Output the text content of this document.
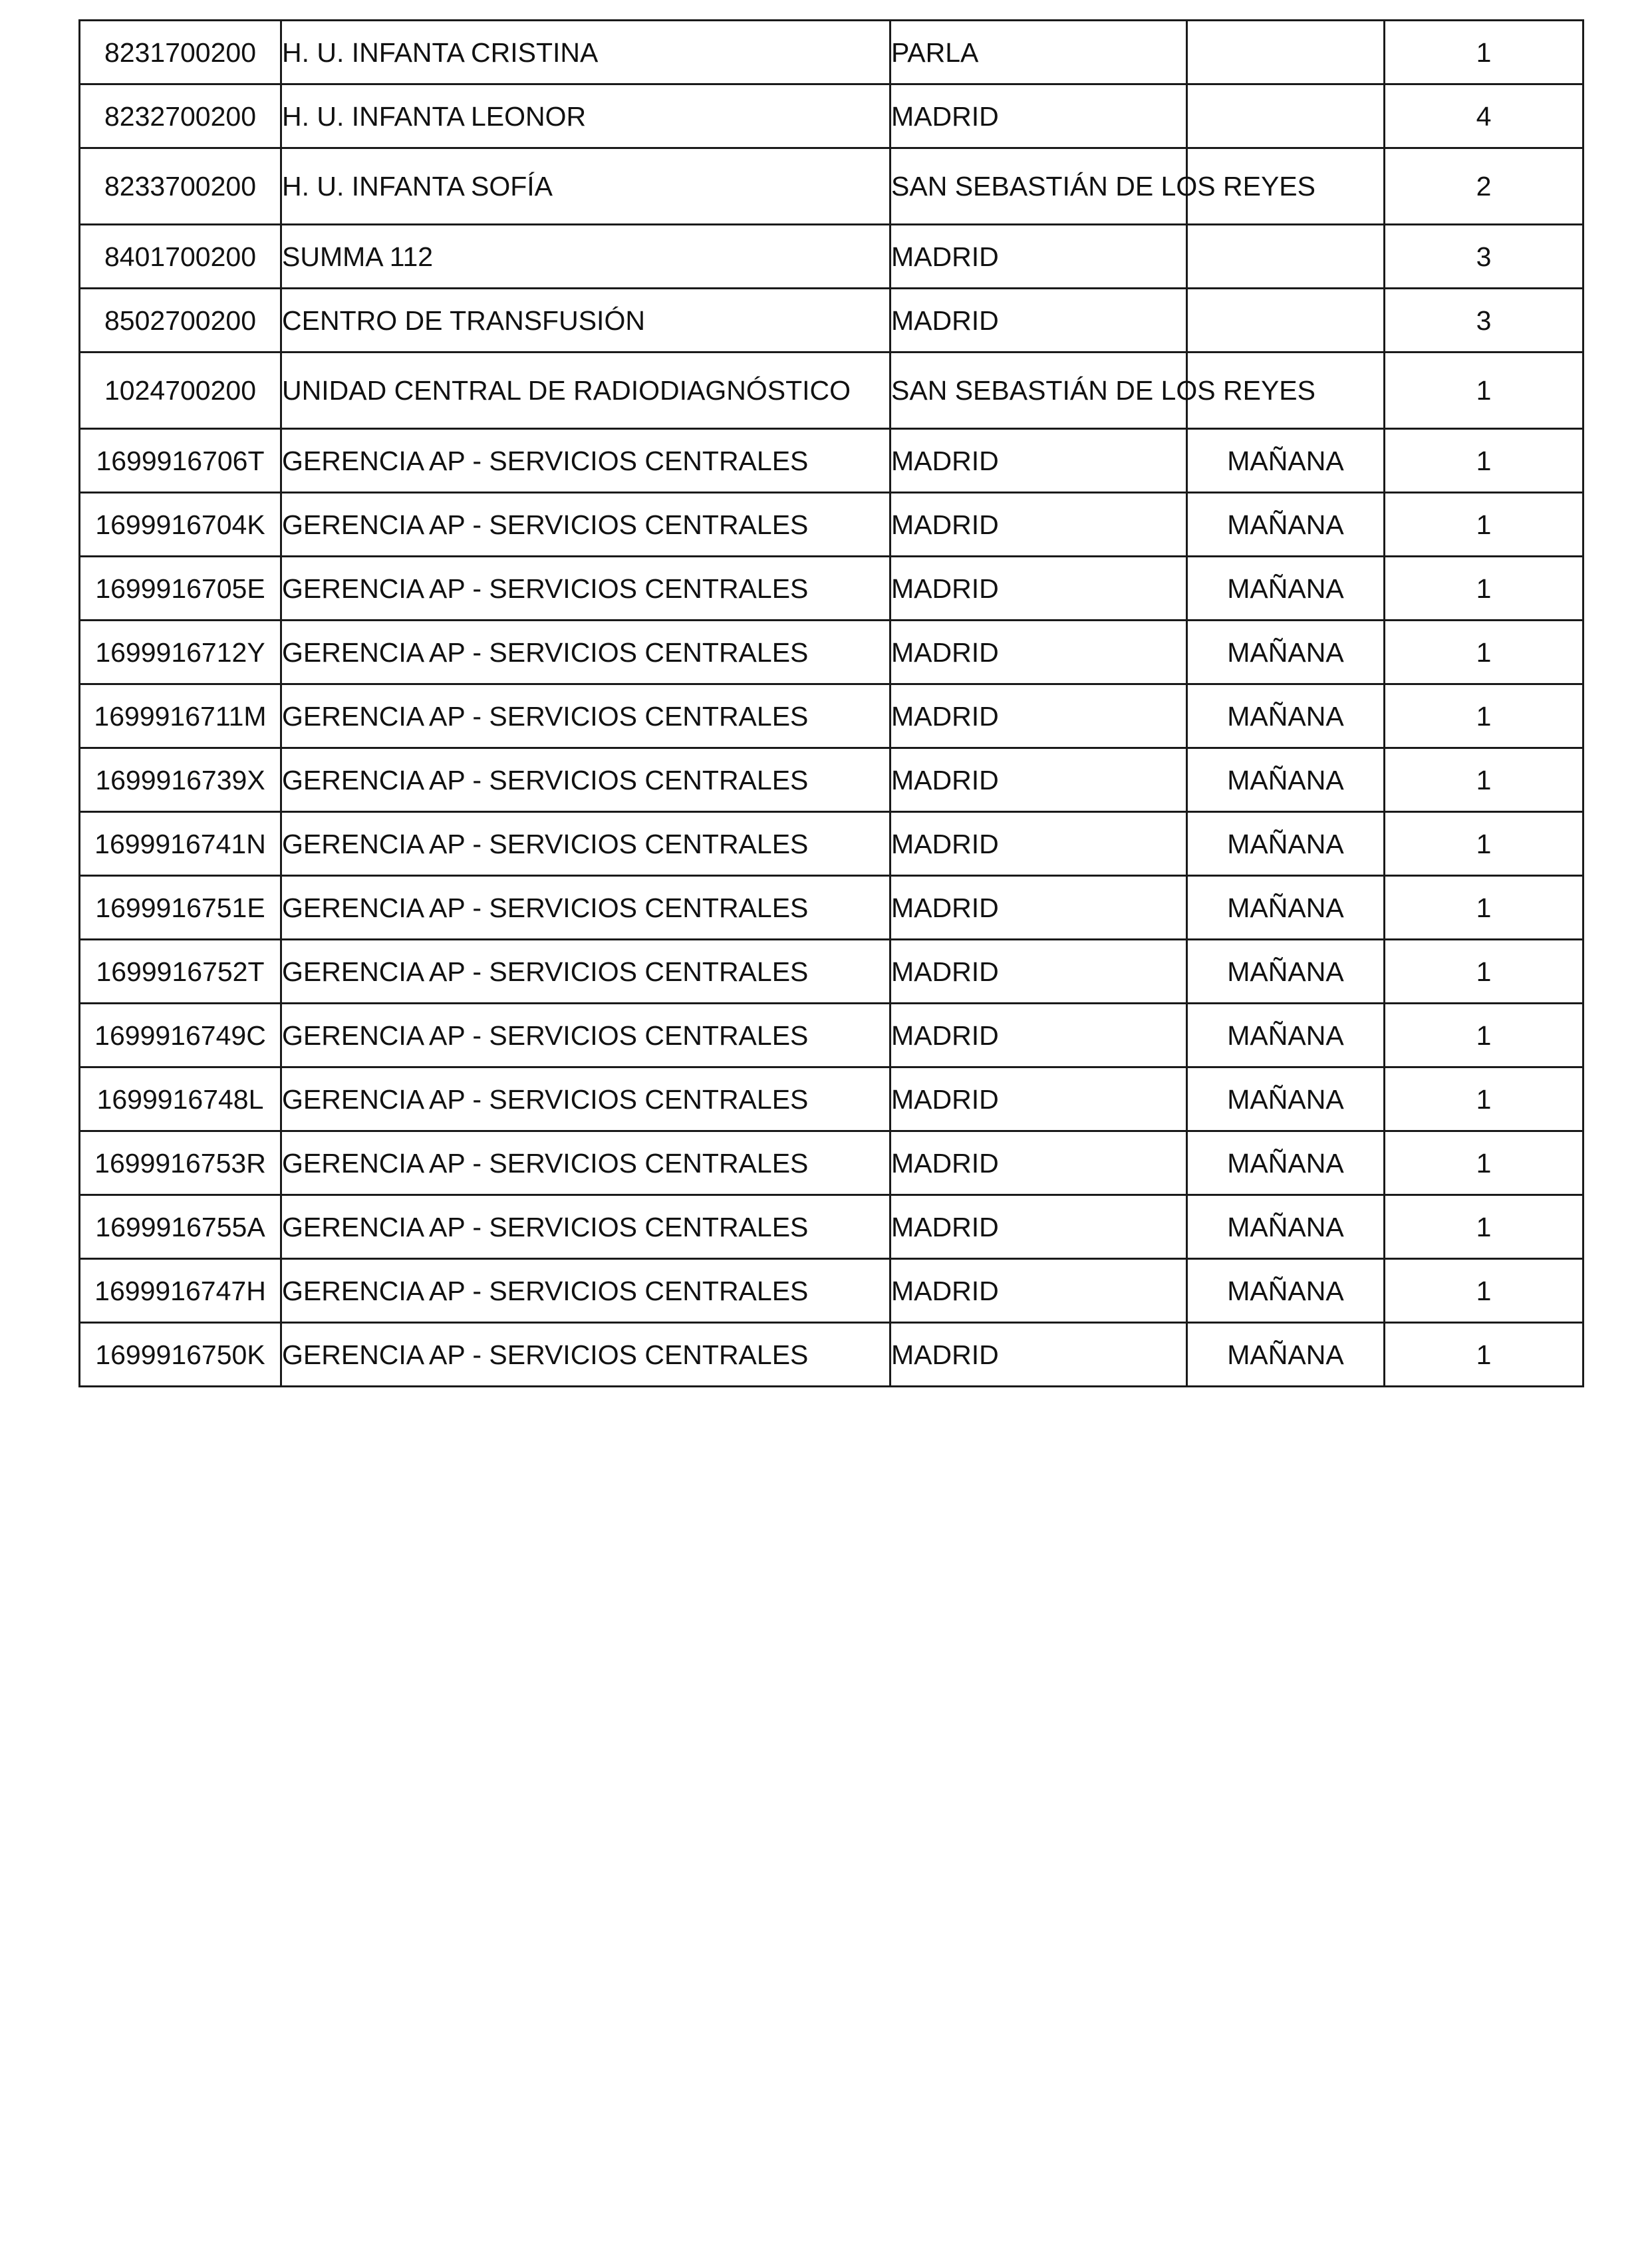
8231700200	H. U. INFANTA CRISTINA	PARLA		1
8232700200	H. U. INFANTA LEONOR	MADRID		4
8233700200	H. U. INFANTA SOFÍA	SAN SEBASTIÁN DE LOS REYES		2
8401700200	SUMMA 112	MADRID		3
8502700200	CENTRO DE TRANSFUSIÓN	MADRID		3
1024700200	UNIDAD CENTRAL DE RADIODIAGNÓSTICO	SAN SEBASTIÁN DE LOS REYES		1
1699916706T	GERENCIA AP - SERVICIOS CENTRALES	MADRID	MAÑANA	1
1699916704K	GERENCIA AP - SERVICIOS CENTRALES	MADRID	MAÑANA	1
1699916705E	GERENCIA AP - SERVICIOS CENTRALES	MADRID	MAÑANA	1
1699916712Y	GERENCIA AP - SERVICIOS CENTRALES	MADRID	MAÑANA	1
1699916711M	GERENCIA AP - SERVICIOS CENTRALES	MADRID	MAÑANA	1
1699916739X	GERENCIA AP - SERVICIOS CENTRALES	MADRID	MAÑANA	1
1699916741N	GERENCIA AP - SERVICIOS CENTRALES	MADRID	MAÑANA	1
1699916751E	GERENCIA AP - SERVICIOS CENTRALES	MADRID	MAÑANA	1
1699916752T	GERENCIA AP - SERVICIOS CENTRALES	MADRID	MAÑANA	1
1699916749C	GERENCIA AP - SERVICIOS CENTRALES	MADRID	MAÑANA	1
1699916748L	GERENCIA AP - SERVICIOS CENTRALES	MADRID	MAÑANA	1
1699916753R	GERENCIA AP - SERVICIOS CENTRALES	MADRID	MAÑANA	1
1699916755A	GERENCIA AP - SERVICIOS CENTRALES	MADRID	MAÑANA	1
1699916747H	GERENCIA AP - SERVICIOS CENTRALES	MADRID	MAÑANA	1
1699916750K	GERENCIA AP - SERVICIOS CENTRALES	MADRID	MAÑANA	1
